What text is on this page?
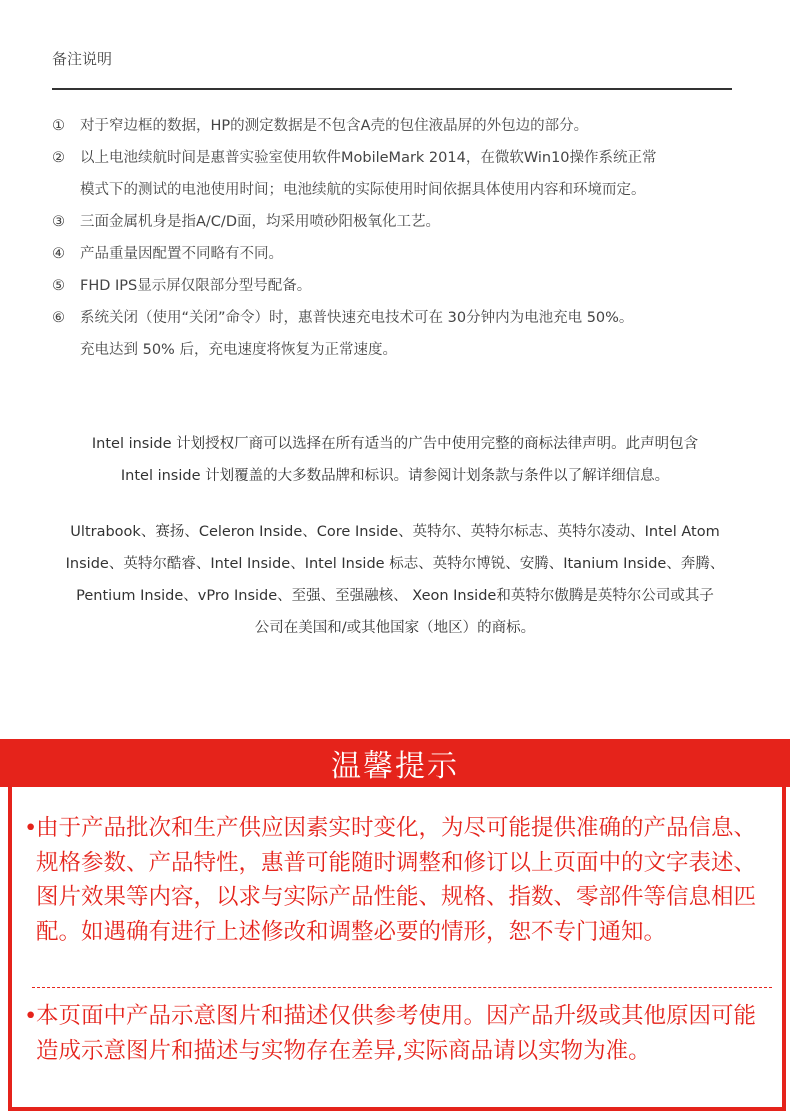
备注说明
①	对于窄边框的数据，HP的测定数据是不包含A壳的包住液晶屏的外包边的部分。
②	以上电池续航时间是惠普实验室使用软件MobileMark 2014，在微软Win10操作系统正常
模式下的测试的电池使用时间；电池续航的实际使用时间依据具体使用内容和环境而定。
③	三面金属机身是指A/C/D面，均采用喷砂阳极氧化工艺。
④	产品重量因配置不同略有不同。
⑤	FHD IPS显示屏仅限部分型号配备。
⑥	系统关闭（使用“关闭”命令）时，惠普快速充电技术可在 30分钟内为电池充电 50%。
充电达到 50% 后，充电速度将恢复为正常速度。

Intel inside 计划授权厂商可以选择在所有适当的广告中使用完整的商标法律声明。此声明包含

Intel inside 计划覆盖的大多数品牌和标识。请参阅计划条款与条件以了解详细信息。

Ultrabook、赛扬、Celeron Inside、Core Inside、英特尔、英特尔标志、英特尔凌动、Intel Atom

Inside、英特尔酷睿、Intel Inside、Intel Inside 标志、英特尔博锐、安腾、Itanium Inside、奔腾、

Pentium Inside、vPro Inside、至强、至强融核、 Xeon Inside和英特尔傲腾是英特尔公司或其子

公司在美国和/或其他国家（地区）的商标。

温馨提示
•
由于产品批次和生产供应因素实时变化，为尽可能提供准确的产品信息、规格参数、产品特性，惠普可能随时调整和修订以上页面中的文字表述、图片效果等内容，以求与实际产品性能、规格、指数、零部件等信息相匹配。如遇确有进行上述修改和调整必要的情形，恕不专门通知。
•
本页面中产品示意图片和描述仅供参考使用。因产品升级或其他原因可能造成示意图片和描述与实物存在差异,实际商品请以实物为准。
